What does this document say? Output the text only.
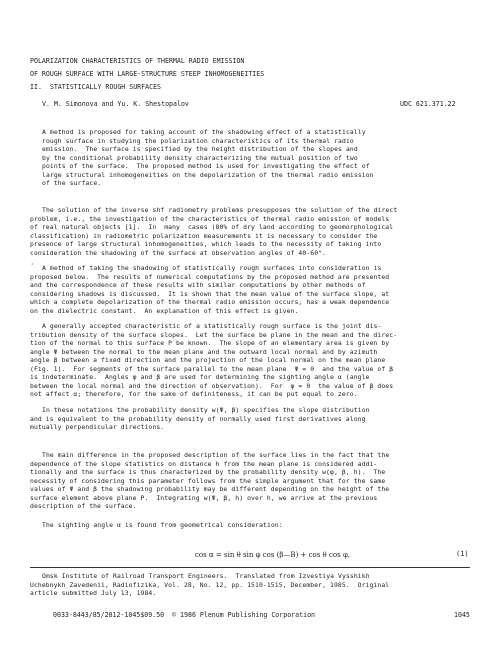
POLARIZATION CHARACTERISTICS OF THERMAL RADIO EMISSION
OF ROUGH SURFACE WITH LARGE-STRUCTURE STEEP INHOMOGENEITIES
II.  STATISTICALLY ROUGH SURFACES
V. M. Simonova and Yu. K. Shestopalov	UDC 621.371.22
A method is proposed for taking account of the shadowing effect of a statistically
rough surface in studying the polarization characteristics of its thermal radio
emission.  The surface is specified by the height distribution of the slopes and
by the conditional probability density characterizing the mutual position of two
points of the surface.  The proposed method is used for investigating the effect of
large structural inhomogeneities on the depolarization of the thermal radio emission
of the surface.
The solution of the inverse shf radiometry problems presupposes the solution of the direct
problem, i.e., the investigation of the characteristics of thermal radio emission of models
of real natural objects [1].  In  many  cases (80% of dry land according to geomorphological
classification) in radiometric polarization measurements it is necessary to consider the
presence of large structural inhomogeneities, which leads to the necessity of taking into
consideration the shadowing of the surface at observation angles of 40-60°.
ˌ
A method of taking the shadowing of statistically rough surfaces into consideration is
proposed below.  The results of numerical computations by the proposed method are presented
and the correspondence of these results with similar computations by other methods of
considering shadows is discussed.  It is shown that the mean value of the surface slope, at
which a complete depolarization of the thermal radio emission occurs, has a weak dependence
on the dielectric constant.  An explanation of this effect is given.
A generally accepted characteristic of a statistically rough surface is the joint dis-
tribution density of the surface slopes.  Let the surface be plane in the mean and the direc-
tion of the normal to this surface P be known.  The slope of an elementary area is given by
angle Ψ between the normal to the mean plane and the outward local normal and by azimuth
angle β between a fixed direction and the projection of the local normal on the mean plane
(Fig. 1).  For segments of the surface parallel to the mean plane  Ψ = 0  and the value of β
is indeterminate.  Angles φ and β are used for determining the sighting angle α (angle
between the local normal and the direction of observation).  For  φ = 0  the value of β does
not affect α; therefore, for the sake of definiteness, it can be put equal to zero.
In these notations the probability density w(Ψ, β) specifies the slope distribution
and is equivalent to the probability density of normally used first derivatives along
mutually perpendicular directions.
The main difference in the proposed description of the surface lies in the fact that the
dependence of the slope statistics on distance h from the mean plane is considered addi-
tionally and the surface is thus characterized by the probability density w(φ, β, h).  The
necessity of considering this parameter follows from the simple argument that for the same
values of Ψ and β the shadowing probability may be different depending on the height of the
surface element above plane P.  Integrating w(Ψ, β, h) over h, we arrive at the previous
description of the surface.
The sighting angle α is found from geometrical consideration:
cos α = sin θ sin φ cos (β—B) + cos θ cos φ,	(1)
Omsk Institute of Railroad Transport Engineers.  Translated from Izvestiya Vysshikh
Uchebnykh Zavedenii, Radiofizika, Vol. 28, No. 12, pp. 1510-1515, December, 1985.  Original
article submitted July 13, 1984.
0033-8443/85/2812-1045$09.50  © 1986 Plenum Publishing Corporation	1045
